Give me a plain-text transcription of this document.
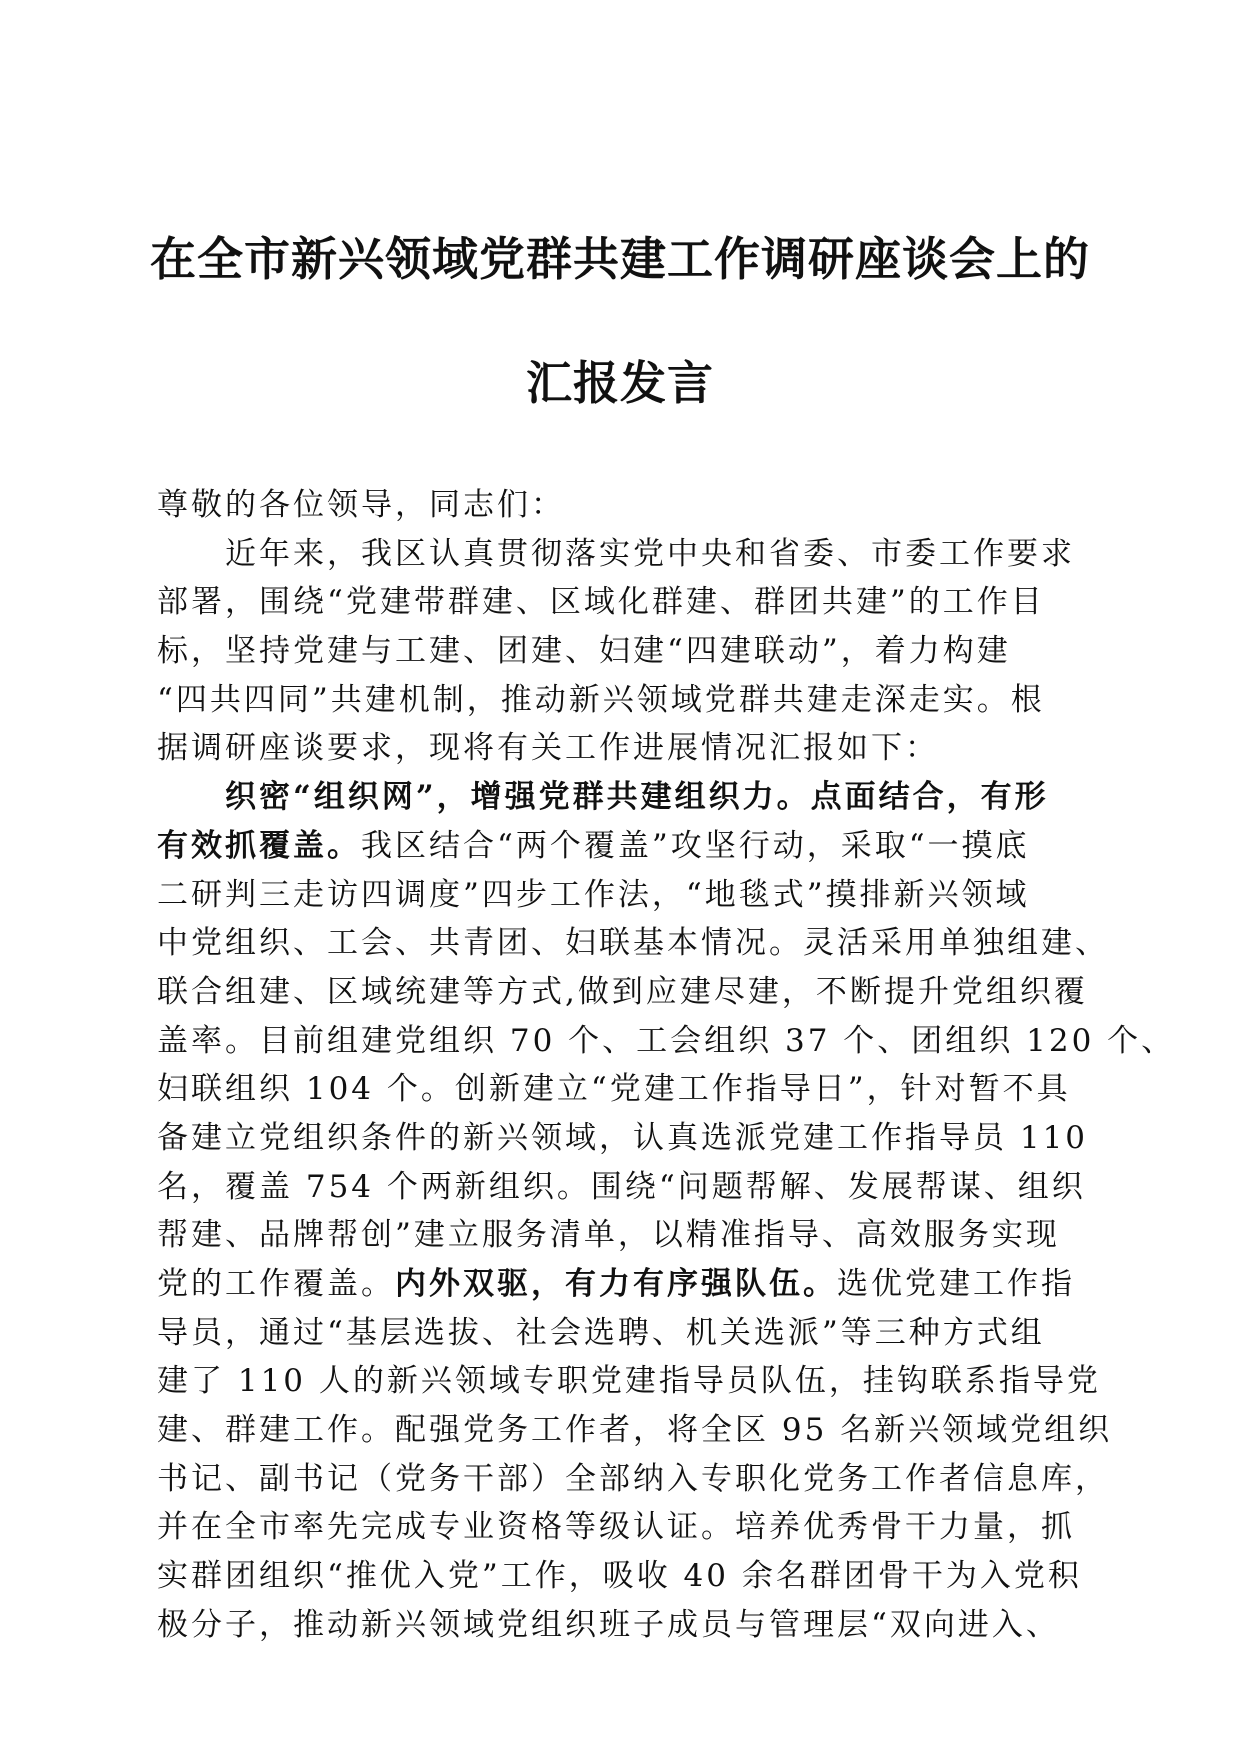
在全市新兴领域党群共建工作调研座谈会上的
汇报发言
尊敬的各位领导，同志们：
近年来，我区认真贯彻落实党中央和省委、市委工作要求
部署，围绕“党建带群建、区域化群建、群团共建”的工作目
标，坚持党建与工建、团建、妇建“四建联动”，着力构建
“四共四同”共建机制，推动新兴领域党群共建走深走实。根
据调研座谈要求，现将有关工作进展情况汇报如下：
织密“组织网”，增强党群共建组织力。点面结合，有形
有效抓覆盖。我区结合“两个覆盖”攻坚行动，采取“一摸底
二研判三走访四调度”四步工作法，“地毯式”摸排新兴领域
中党组织、工会、共青团、妇联基本情况。灵活采用单独组建、
联合组建、区域统建等方式,做到应建尽建，不断提升党组织覆
盖率。目前组建党组织 70 个、工会组织 37 个、团组织 120 个、
妇联组织 104 个。创新建立“党建工作指导日”，针对暂不具
备建立党组织条件的新兴领域，认真选派党建工作指导员 110
名，覆盖 754 个两新组织。围绕“问题帮解、发展帮谋、组织
帮建、品牌帮创”建立服务清单，以精准指导、高效服务实现
党的工作覆盖。内外双驱，有力有序强队伍。选优党建工作指
导员，通过“基层选拔、社会选聘、机关选派”等三种方式组
建了 110 人的新兴领域专职党建指导员队伍，挂钩联系指导党
建、群建工作。配强党务工作者，将全区 95 名新兴领域党组织
书记、副书记（党务干部）全部纳入专职化党务工作者信息库，
并在全市率先完成专业资格等级认证。培养优秀骨干力量，抓
实群团组织“推优入党”工作，吸收 40 余名群团骨干为入党积
极分子，推动新兴领域党组织班子成员与管理层“双向进入、
